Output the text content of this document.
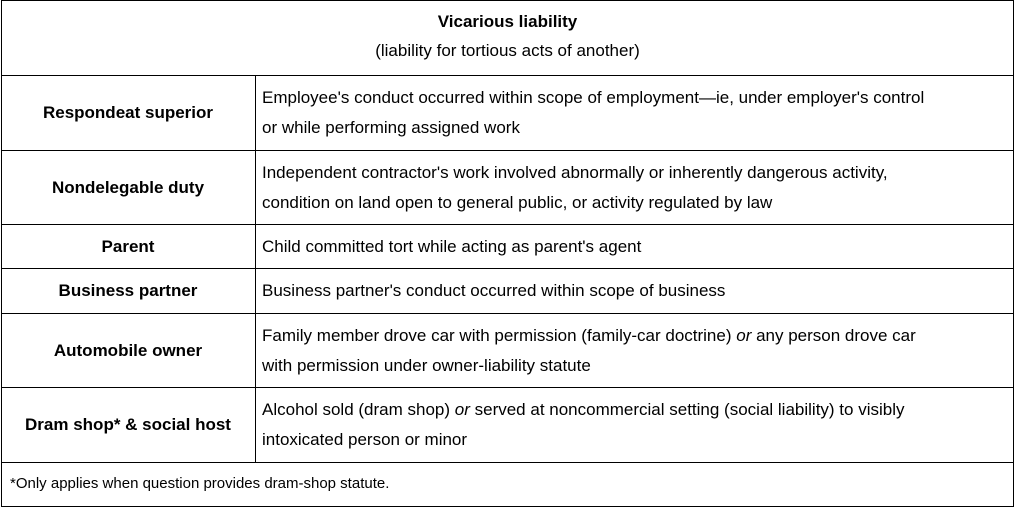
Vicarious liability
(liability for tortious acts of another)
Respondeat superior
Employee's conduct occurred within scope of employment—ie, under employer's control
or while performing assigned work
Nondelegable duty
Independent contractor's work involved abnormally or inherently dangerous activity,
condition on land open to general public, or activity regulated by law
Parent	Child committed tort while acting as parent's agent
Business partner	Business partner's conduct occurred within scope of business
Automobile owner
Family member drove car with permission (family-car doctrine) or any person drove car
with permission under owner-liability statute
Dram shop* & social host
Alcohol sold (dram shop) or served at noncommercial setting (social liability) to visibly
intoxicated person or minor
*Only applies when question provides dram-shop statute.
